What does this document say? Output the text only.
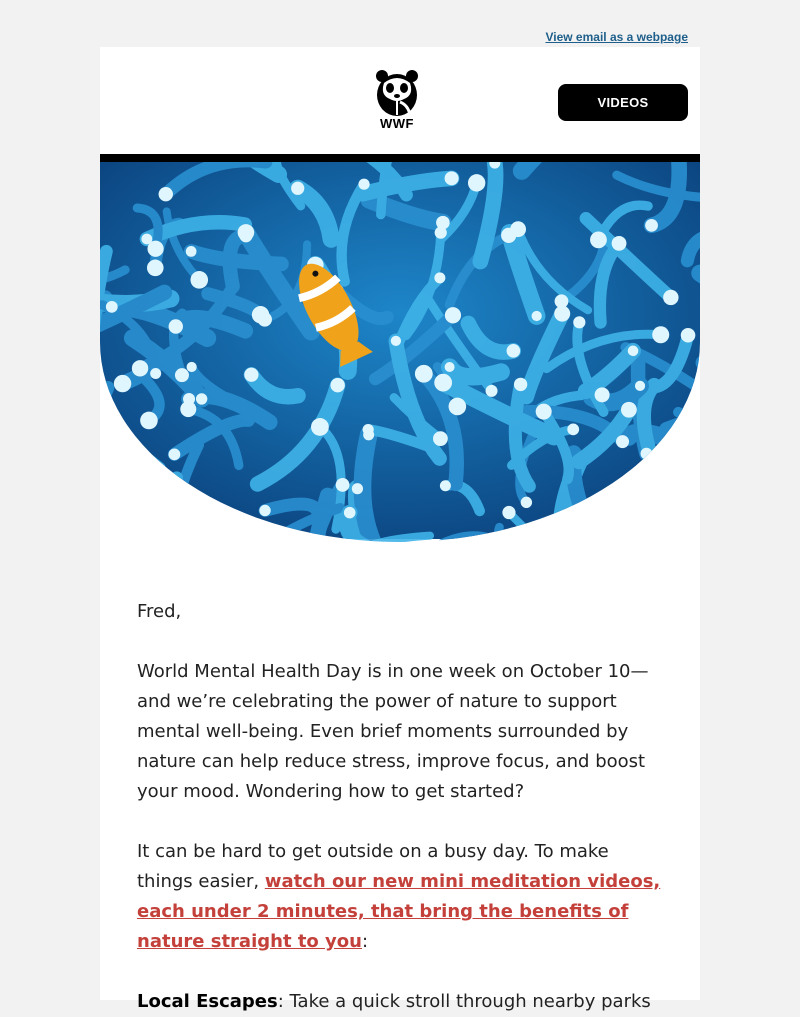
View email as a webpage
WWF
VIDEOS

Fred,

World Mental Health Day is in one week on October 10—and we’re celebrating the power of nature to support mental well-being. Even brief moments surrounded by nature can help reduce stress, improve focus, and boost your mood. Wondering how to get started?

It can be hard to get outside on a busy day. To make things easier, watch our new mini meditation videos, each under 2 minutes, that bring the benefits of nature straight to you:

Local Escapes: Take a quick stroll through nearby parks
